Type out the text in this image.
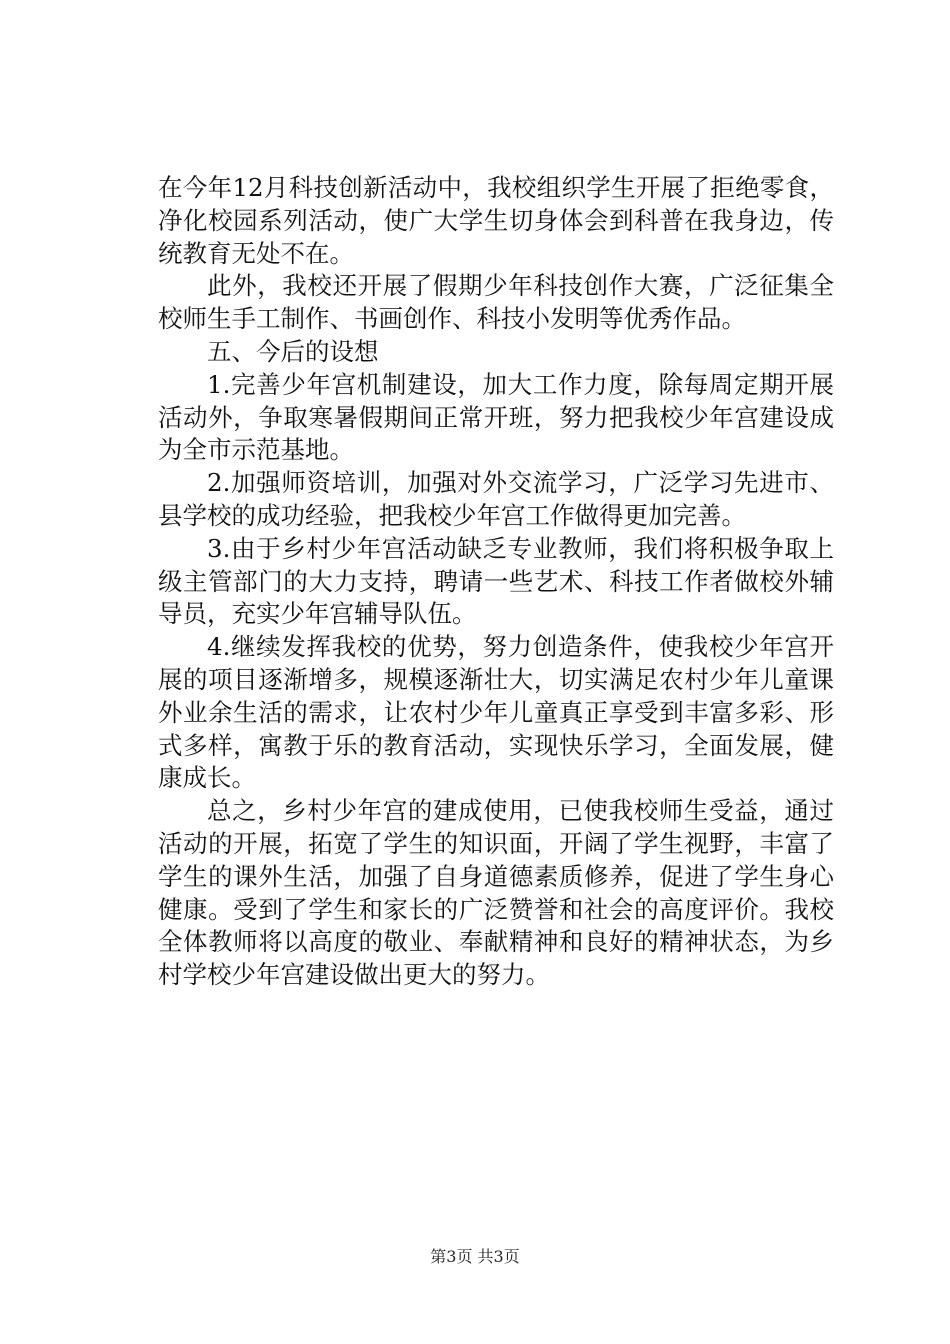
在今年12月科技创新活动中，我校组织学生开展了拒绝零食，净化校园系列活动，使广大学生切身体会到科普在我身边，传统教育无处不在。

此外，我校还开展了假期少年科技创作大赛，广泛征集全校师生手工制作、书画创作、科技小发明等优秀作品。

五、今后的设想

1.完善少年宫机制建设，加大工作力度，除每周定期开展活动外，争取寒暑假期间正常开班，努力把我校少年宫建设成为全市示范基地。

2.加强师资培训，加强对外交流学习，广泛学习先进市、县学校的成功经验，把我校少年宫工作做得更加完善。

3.由于乡村少年宫活动缺乏专业教师，我们将积极争取上级主管部门的大力支持，聘请一些艺术、科技工作者做校外辅导员，充实少年宫辅导队伍。

4.继续发挥我校的优势，努力创造条件，使我校少年宫开展的项目逐渐增多，规模逐渐壮大，切实满足农村少年儿童课外业余生活的需求，让农村少年儿童真正享受到丰富多彩、形式多样，寓教于乐的教育活动，实现快乐学习，全面发展，健康成长。

总之，乡村少年宫的建成使用，已使我校师生受益，通过活动的开展，拓宽了学生的知识面，开阔了学生视野，丰富了学生的课外生活，加强了自身道德素质修养，促进了学生身心健康。受到了学生和家长的广泛赞誉和社会的高度评价。我校全体教师将以高度的敬业、奉献精神和良好的精神状态，为乡村学校少年宫建设做出更大的努力。

第3页 共3页
